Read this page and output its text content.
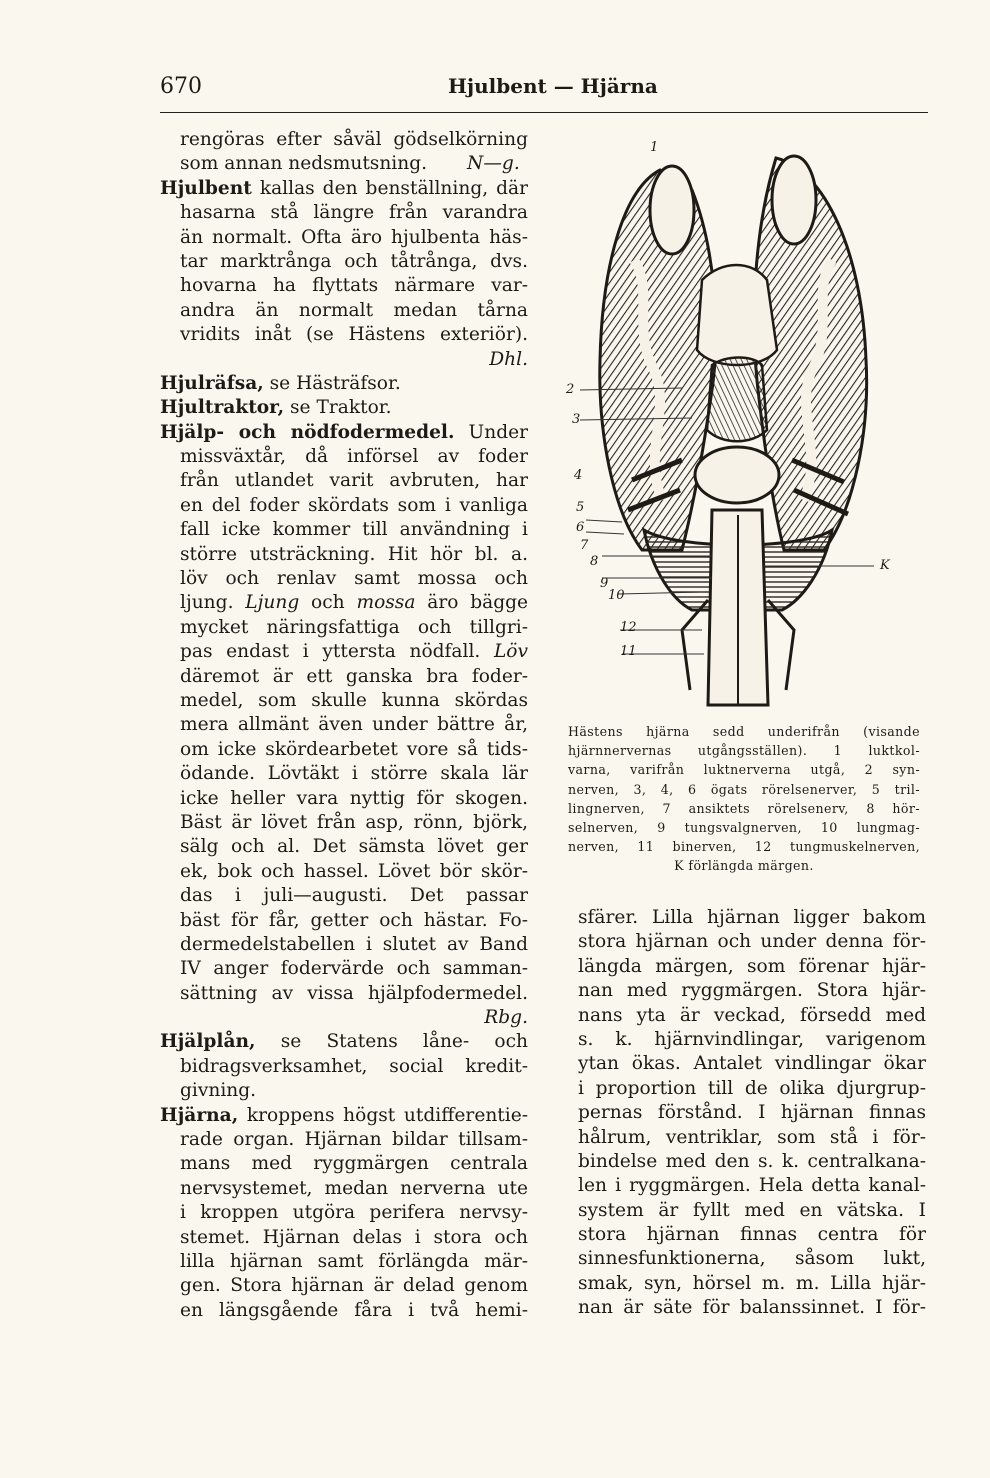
670	Hjulbent — Hjärna
rengöras efter såväl gödselkörning
som annan nedsmutsning. N—g.
Hjulbent kallas den benställning, där
hasarna stå längre från varandra
än normalt. Ofta äro hjulbenta häs-
tar marktrånga och tåtrånga, dvs.
hovarna ha flyttats närmare var-
andra än normalt medan tårna
vridits inåt (se Hästens exteriör).
Dhl.
Hjulräfsa, se Hästräfsor.
Hjultraktor, se Traktor.
Hjälp- och nödfodermedel. Under
missväxtår, då införsel av foder
från utlandet varit avbruten, har
en del foder skördats som i vanliga
fall icke kommer till användning i
större utsträckning. Hit hör bl. a.
löv och renlav samt mossa och
ljung. Ljung och mossa äro bägge
mycket näringsfattiga och tillgri-
pas endast i yttersta nödfall. Löv
däremot är ett ganska bra foder-
medel, som skulle kunna skördas
mera allmänt även under bättre år,
om icke skördearbetet vore så tids-
ödande. Lövtäkt i större skala lär
icke heller vara nyttig för skogen.
Bäst är lövet från asp, rönn, björk,
sälg och al. Det sämsta lövet ger
ek, bok och hassel. Lövet bör skör-
das i juli—augusti. Det passar
bäst för får, getter och hästar. Fo-
dermedelstabellen i slutet av Band
IV anger fodervärde och samman-
sättning av vissa hjälpfodermedel.
Rbg.
Hjälplån, se Statens låne- och
bidragsverksamhet, social kredit-
givning.
Hjärna, kroppens högst utdifferentie-
rade organ. Hjärnan bildar tillsam-
mans med ryggmärgen centrala
nervsystemet, medan nerverna ute
i kroppen utgöra perifera nervsy-
stemet. Hjärnan delas i stora och
lilla hjärnan samt förlängda mär-
gen. Stora hjärnan är delad genom
en längsgående fåra i två hemi-
1
2
3
4
5
6
7
8
9
10
12
11
K
Hästens hjärna sedd underifrån (visande
hjärnnervernas utgångsställen). 1 luktkol-
varna, varifrån luktnerverna utgå, 2 syn-
nerven, 3, 4, 6 ögats rörelsenerver, 5 tril-
lingnerven, 7 ansiktets rörelsenerv, 8 hör-
selnerven, 9 tungsvalgnerven, 10 lungmag-
nerven, 11 binerven, 12 tungmuskelnerven,
K förlängda märgen.
sfärer. Lilla hjärnan ligger bakom
stora hjärnan och under denna för-
längda märgen, som förenar hjär-
nan med ryggmärgen. Stora hjär-
nans yta är veckad, försedd med
s. k. hjärnvindlingar, varigenom
ytan ökas. Antalet vindlingar ökar
i proportion till de olika djurgrup-
pernas förstånd. I hjärnan finnas
hålrum, ventriklar, som stå i för-
bindelse med den s. k. centralkana-
len i ryggmärgen. Hela detta kanal-
system är fyllt med en vätska. I
stora hjärnan finnas centra för
sinnesfunktionerna, såsom lukt,
smak, syn, hörsel m. m. Lilla hjär-
nan är säte för balanssinnet. I för-
